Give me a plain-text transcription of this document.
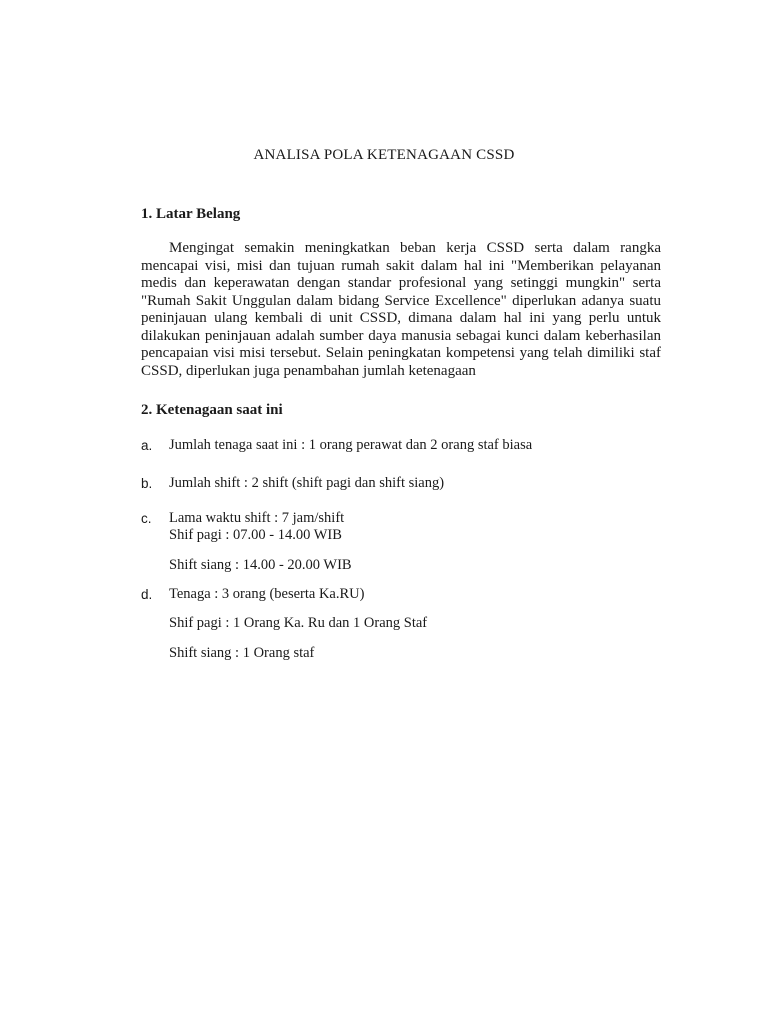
ANALISA POLA KETENAGAAN CSSD
1. Latar Belang
Mengingat semakin meningkatkan beban kerja CSSD serta dalam rangka mencapai visi, misi dan tujuan rumah sakit dalam hal ini "Memberikan pelayanan medis dan keperawatan dengan standar profesional yang setinggi mungkin" serta "Rumah Sakit Unggulan dalam bidang Service Excellence" diperlukan adanya suatu peninjauan ulang kembali di unit CSSD, dimana dalam hal ini yang perlu untuk dilakukan peninjauan adalah sumber daya manusia sebagai kunci dalam keberhasilan pencapaian visi misi tersebut. Selain peningkatan kompetensi yang telah dimiliki staf CSSD, diperlukan juga penambahan jumlah ketenagaan
2. Ketenagaan saat ini
a. Jumlah tenaga saat ini : 1 orang perawat dan 2 orang staf biasa
b. Jumlah shift : 2 shift (shift pagi dan shift siang)
c. Lama waktu shift : 7 jam/shift
Shif pagi : 07.00 - 14.00 WIB
Shift siang : 14.00 - 20.00 WIB
d. Tenaga : 3 orang (beserta Ka.RU)
Shif pagi : 1 Orang Ka. Ru dan 1 Orang Staf
Shift siang : 1 Orang staf
